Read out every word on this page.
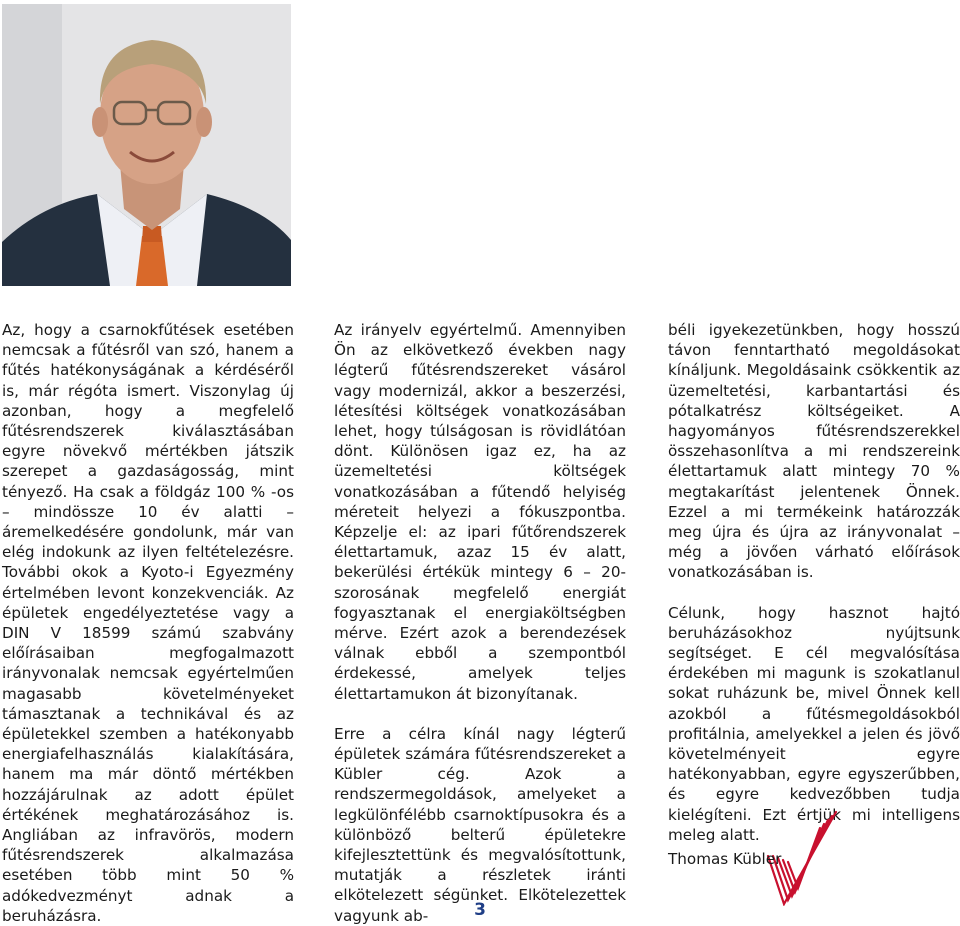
Az, hogy a csarnokfűtések esetében nemcsak a fűtésről van szó, hanem a fűtés hatékonyságának a kérdéséről is, már régóta ismert. Viszonylag új azonban, hogy a megfelelő fűtésrendszerek kiválasztásában egyre növekvő mértékben játszik szerepet a gazdaságosság, mint tényező. Ha csak a földgáz 100 % -os – mindössze 10 év alatti – áremelkedésére gondolunk, már van elég indokunk az ilyen feltételezésre. További okok a Kyoto-i Egyezmény értelmében levont konzekvenciák. Az épületek engedélyeztetése vagy a DIN V 18599 számú szabvány előírásaiban megfogalmazott irányvonalak nemcsak egyértelműen magasabb követelményeket támasztanak a technikával és az épületekkel szemben a hatékonyabb energiafelhasználás kialakítására, hanem ma már döntő mértékben hozzájárulnak az adott épület értékének meghatározásához is. Angliában az infravörös, modern fűtésrendszerek alkalmazása esetében több mint 50 % adókedvezményt adnak a beruházásra.

Az irányelv egyértelmű. Amennyiben Ön az elkövetkező években nagy légterű fűtésrendszereket vásárol vagy modernizál, akkor a beszerzési, létesítési költségek vonatkozásában lehet, hogy túlságosan is rövidlátóan dönt. Különösen igaz ez, ha az üzemeltetési költségek vonatkozásában a fűtendő helyiség méreteit helyezi a fókuszpontba. Képzelje el: az ipari fűtőrendszerek élettartamuk, azaz 15 év alatt, bekerülési értékük mintegy 6 – 20-szorosának megfelelő energiát fogyasztanak el energiaköltségben mérve. Ezért azok a berendezések válnak ebből a szempontból érdekessé, amelyek teljes élettartamukon át bizonyítanak.

Erre a célra kínál nagy légterű épületek számára fűtésrendszereket a Kübler cég. Azok a rendszermegoldások, amelyeket a legkülönfélébb csarnoktípusokra és a különböző belterű épületekre kifejlesztettünk és megvalósítottunk, mutatják a részletek iránti elkötelezett ségünket. Elkötelezettek vagyunk ab-

béli igyekezetünkben, hogy hosszú távon fenntartható megoldásokat kínáljunk. Megoldásaink csökkentik az üzemeltetési, karbantartási és pótalkatrész költségeiket. A hagyományos fűtésrendszerekkel összehasonlítva a mi rendszereink élettartamuk alatt mintegy 70 % megtakarítást jelentenek Önnek. Ezzel a mi termékeink határozzák meg újra és újra az irányvonalat – még a jövően várható előírások vonatkozásában is.

Célunk, hogy hasznot hajtó beruházásokhoz nyújtsunk segítséget. E cél megvalósítása érdekében mi magunk is szokatlanul sokat ruházunk be, mivel Önnek kell azokból a fűtésmegoldásokból profitálnia, amelyekkel a jelen és jövő követelményeit egyre hatékonyabban, egyre egyszerűbben, és egyre kedvezőbben tudja kielégíteni. Ezt értjük mi intelligens meleg alatt.

Thomas Kübler
3
